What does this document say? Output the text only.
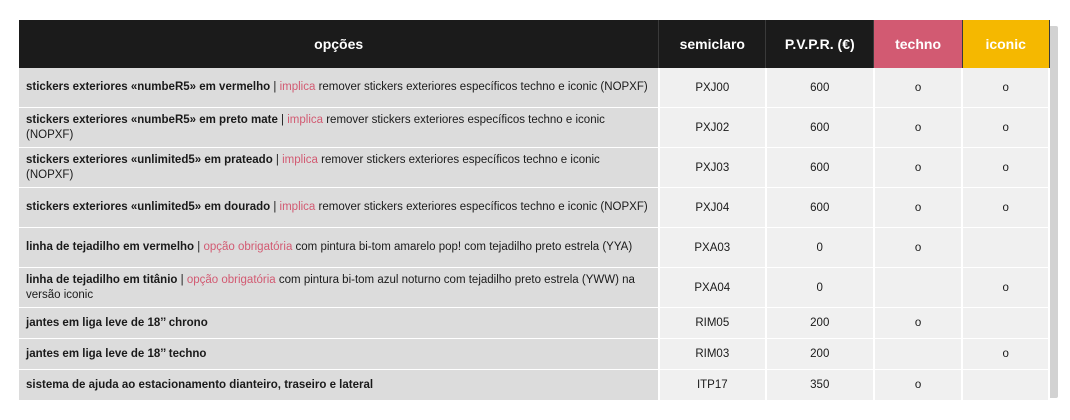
opções	semiclaro	P.V.P.R. (€)	techno	iconic
stickers exteriores «numbeR5» em vermelho | implica remover stickers exteriores específicos techno e iconic (NOPXF)	PXJ00	600	o	o
stickers exteriores «numbeR5» em preto mate | implica remover stickers exteriores específicos techno e iconic (NOPXF)	PXJ02	600	o	o
stickers exteriores «unlimited5» em prateado | implica remover stickers exteriores específicos techno e iconic (NOPXF)	PXJ03	600	o	o
stickers exteriores «unlimited5» em dourado | implica remover stickers exteriores específicos techno e iconic (NOPXF)	PXJ04	600	o	o
linha de tejadilho em vermelho | opção obrigatória com pintura bi-tom amarelo pop! com tejadilho preto estrela (YYA)	PXA03	0	o	
linha de tejadilho em titânio | opção obrigatória com pintura bi-tom azul noturno com tejadilho preto estrela (YWW) na versão iconic	PXA04	0		o
jantes em liga leve de 18’’ chrono	RIM05	200	o	
jantes em liga leve de 18’’ techno	RIM03	200		o
sistema de ajuda ao estacionamento dianteiro, traseiro e lateral	ITP17	350	o	
